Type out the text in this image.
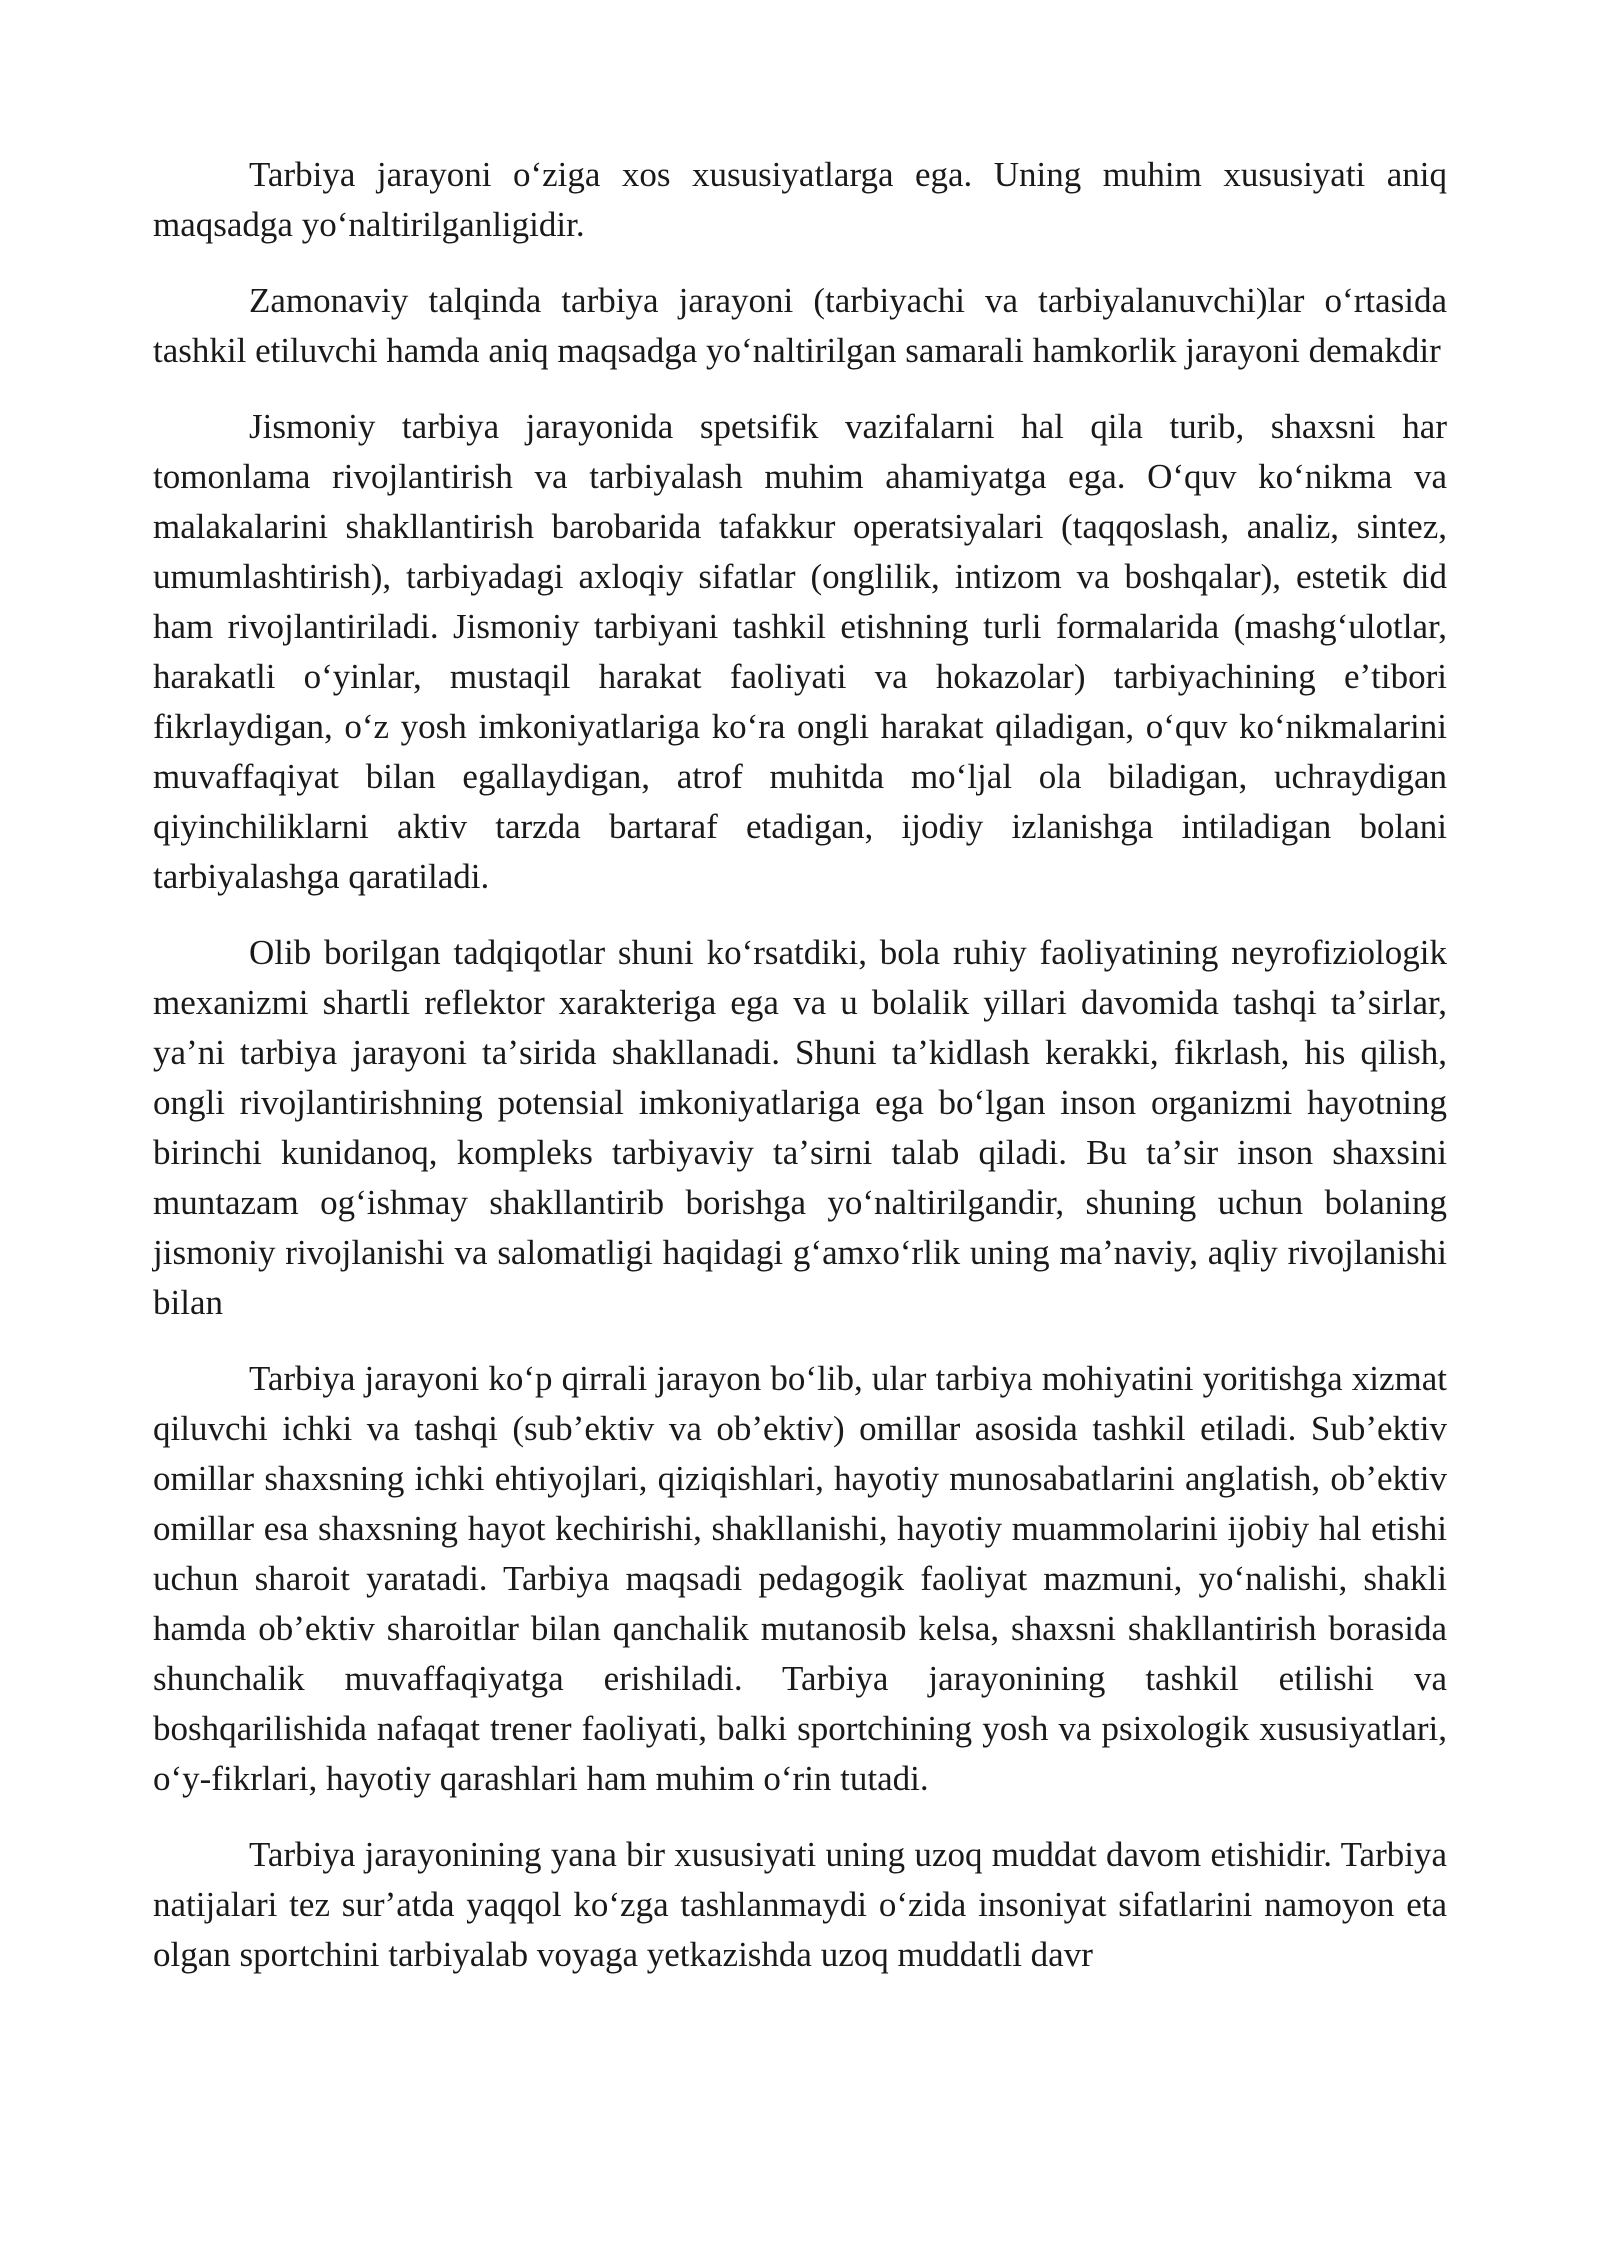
Tarbiya jarayoni oʻziga xos xususiyatlarga ega. Uning muhim xususiyati aniq maqsadga yoʻnaltirilganligidir.

Zamonaviy talqinda tarbiya jarayoni (tarbiyachi va tarbiyalanuvchi)lar oʻrtasida tashkil etiluvchi hamda aniq maqsadga yoʻnaltirilgan samarali hamkorlik jarayoni demakdir

Jismoniy tarbiya jarayonida spetsifik vazifalarni hal qila turib, shaxsni har tomonlama rivojlantirish va tarbiyalash muhim ahamiyatga ega. Oʻquv koʻnikma va malakalarini shakllantirish barobarida tafakkur operatsiyalari (taqqoslash, analiz, sintez, umumlashtirish), tarbiyadagi axloqiy sifatlar (onglilik, intizom va boshqalar), estetik did ham rivojlantiriladi. Jismoniy tarbiyani tashkil etishning turli formalarida (mashgʻulotlar, harakatli oʻyinlar, mustaqil harakat faoliyati va hokazolar) tarbiyachining eʼtibori fikrlaydigan, oʻz yosh imkoniyatlariga koʻra ongli harakat qiladigan, oʻquv koʻnikmalarini muvaffaqiyat bilan egallaydigan, atrof muhitda moʻljal ola biladigan, uchraydigan qiyinchiliklarni aktiv tarzda bartaraf etadigan, ijodiy izlanishga intiladigan bolani tarbiyalashga qaratiladi.

Olib borilgan tadqiqotlar shuni koʻrsatdiki, bola ruhiy faoliyatining neyrofiziologik mexanizmi shartli reflektor xarakteriga ega va u bolalik yillari davomida tashqi taʼsirlar, yaʼni tarbiya jarayoni taʼsirida shakllanadi. Shuni taʼkidlash kerakki, fikrlash, his qilish, ongli rivojlantirishning potensial imkoniyatlariga ega boʻlgan inson organizmi hayotning birinchi kunidanoq, kompleks tarbiyaviy taʼsirni talab qiladi. Bu taʼsir inson shaxsini muntazam ogʻishmay shakllantirib borishga yoʻnaltirilgandir, shuning uchun bolaning jismoniy rivojlanishi va salomatligi haqidagi gʻamxoʻrlik uning maʼnaviy, aqliy rivojlanishi bilan

Tarbiya jarayoni koʻp qirrali jarayon boʻlib, ular tarbiya mohiyatini yoritishga xizmat qiluvchi ichki va tashqi (subʼektiv va obʼektiv) omillar asosida tashkil etiladi. Subʼektiv omillar shaxsning ichki ehtiyojlari, qiziqishlari, hayotiy munosabatlarini anglatish, obʼektiv omillar esa shaxsning hayot kechirishi, shakllanishi, hayotiy muammolarini ijobiy hal etishi uchun sharoit yaratadi. Tarbiya maqsadi pedagogik faoliyat mazmuni, yoʻnalishi, shakli hamda obʼektiv sharoitlar bilan qanchalik mutanosib kelsa, shaxsni shakllantirish borasida shunchalik muvaffaqiyatga erishiladi. Tarbiya jarayonining tashkil etilishi va boshqarilishida nafaqat trener faoliyati, balki sportchining yosh va psixologik xususiyatlari, oʻy-fikrlari, hayotiy qarashlari ham muhim oʻrin tutadi.

Tarbiya jarayonining yana bir xususiyati uning uzoq muddat davom etishidir. Tarbiya natijalari tez surʼatda yaqqol koʻzga tashlanmaydi oʻzida insoniyat sifatlarini namoyon eta olgan sportchini tarbiyalab voyaga yetkazishda uzoq muddatli davr
